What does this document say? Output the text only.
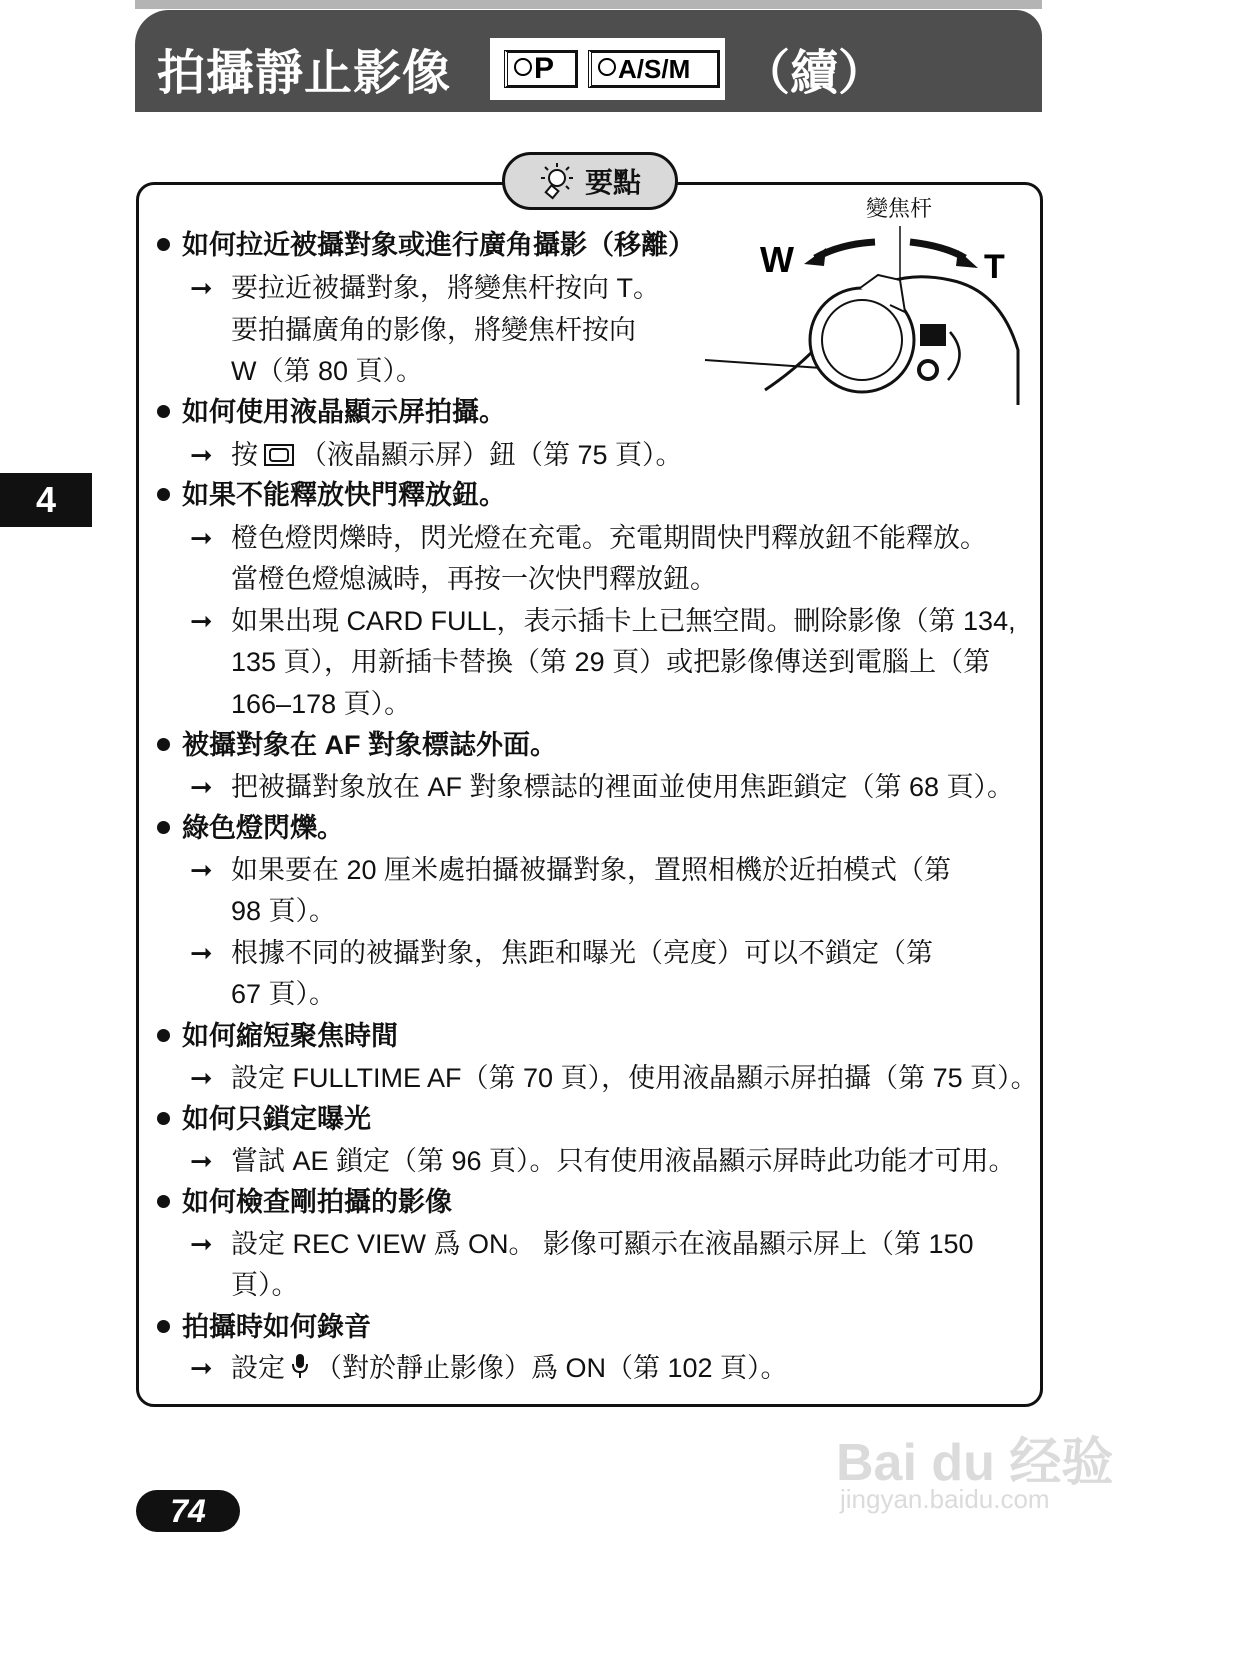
拍攝靜止影像	P	A/S/M	（續）
要點
變焦杆
W	T
如何拉近被攝對象或進行廣角攝影（移離）
➞ 要拉近被攝對象，將變焦杆按向 T。
要拍攝廣角的影像，將變焦杆按向
W（第 80 頁）。
如何使用液晶顯示屏拍攝。
➞ 按 （液晶顯示屏）鈕（第 75 頁）。
如果不能釋放快門釋放鈕。
➞ 橙色燈閃爍時，閃光燈在充電。充電期間快門釋放鈕不能釋放。
當橙色燈熄滅時，再按一次快門釋放鈕。
➞ 如果出現 CARD FULL，表示插卡上已無空間。刪除影像（第 134,
135 頁），用新插卡替換（第 29 頁）或把影像傳送到電腦上（第
166–178 頁）。
被攝對象在 AF 對象標誌外面。
➞ 把被攝對象放在 AF 對象標誌的裡面並使用焦距鎖定（第 68 頁）。
綠色燈閃爍。
➞ 如果要在 20 厘米處拍攝被攝對象，置照相機於近拍模式（第
98 頁）。
➞ 根據不同的被攝對象，焦距和曝光（亮度）可以不鎖定（第
67 頁）。
如何縮短聚焦時間
➞ 設定 FULLTIME AF（第 70 頁），使用液晶顯示屏拍攝（第 75 頁）。
如何只鎖定曝光
➞ 嘗試 AE 鎖定（第 96 頁）。只有使用液晶顯示屏時此功能才可用。
如何檢查剛拍攝的影像
➞ 設定 REC VIEW 爲 ON。 影像可顯示在液晶顯示屏上（第 150
頁）。
拍攝時如何錄音
➞ 設定 （對於靜止影像）爲 ON（第 102 頁）。
4
74
Bai du 经验
jingyan.baidu.com
